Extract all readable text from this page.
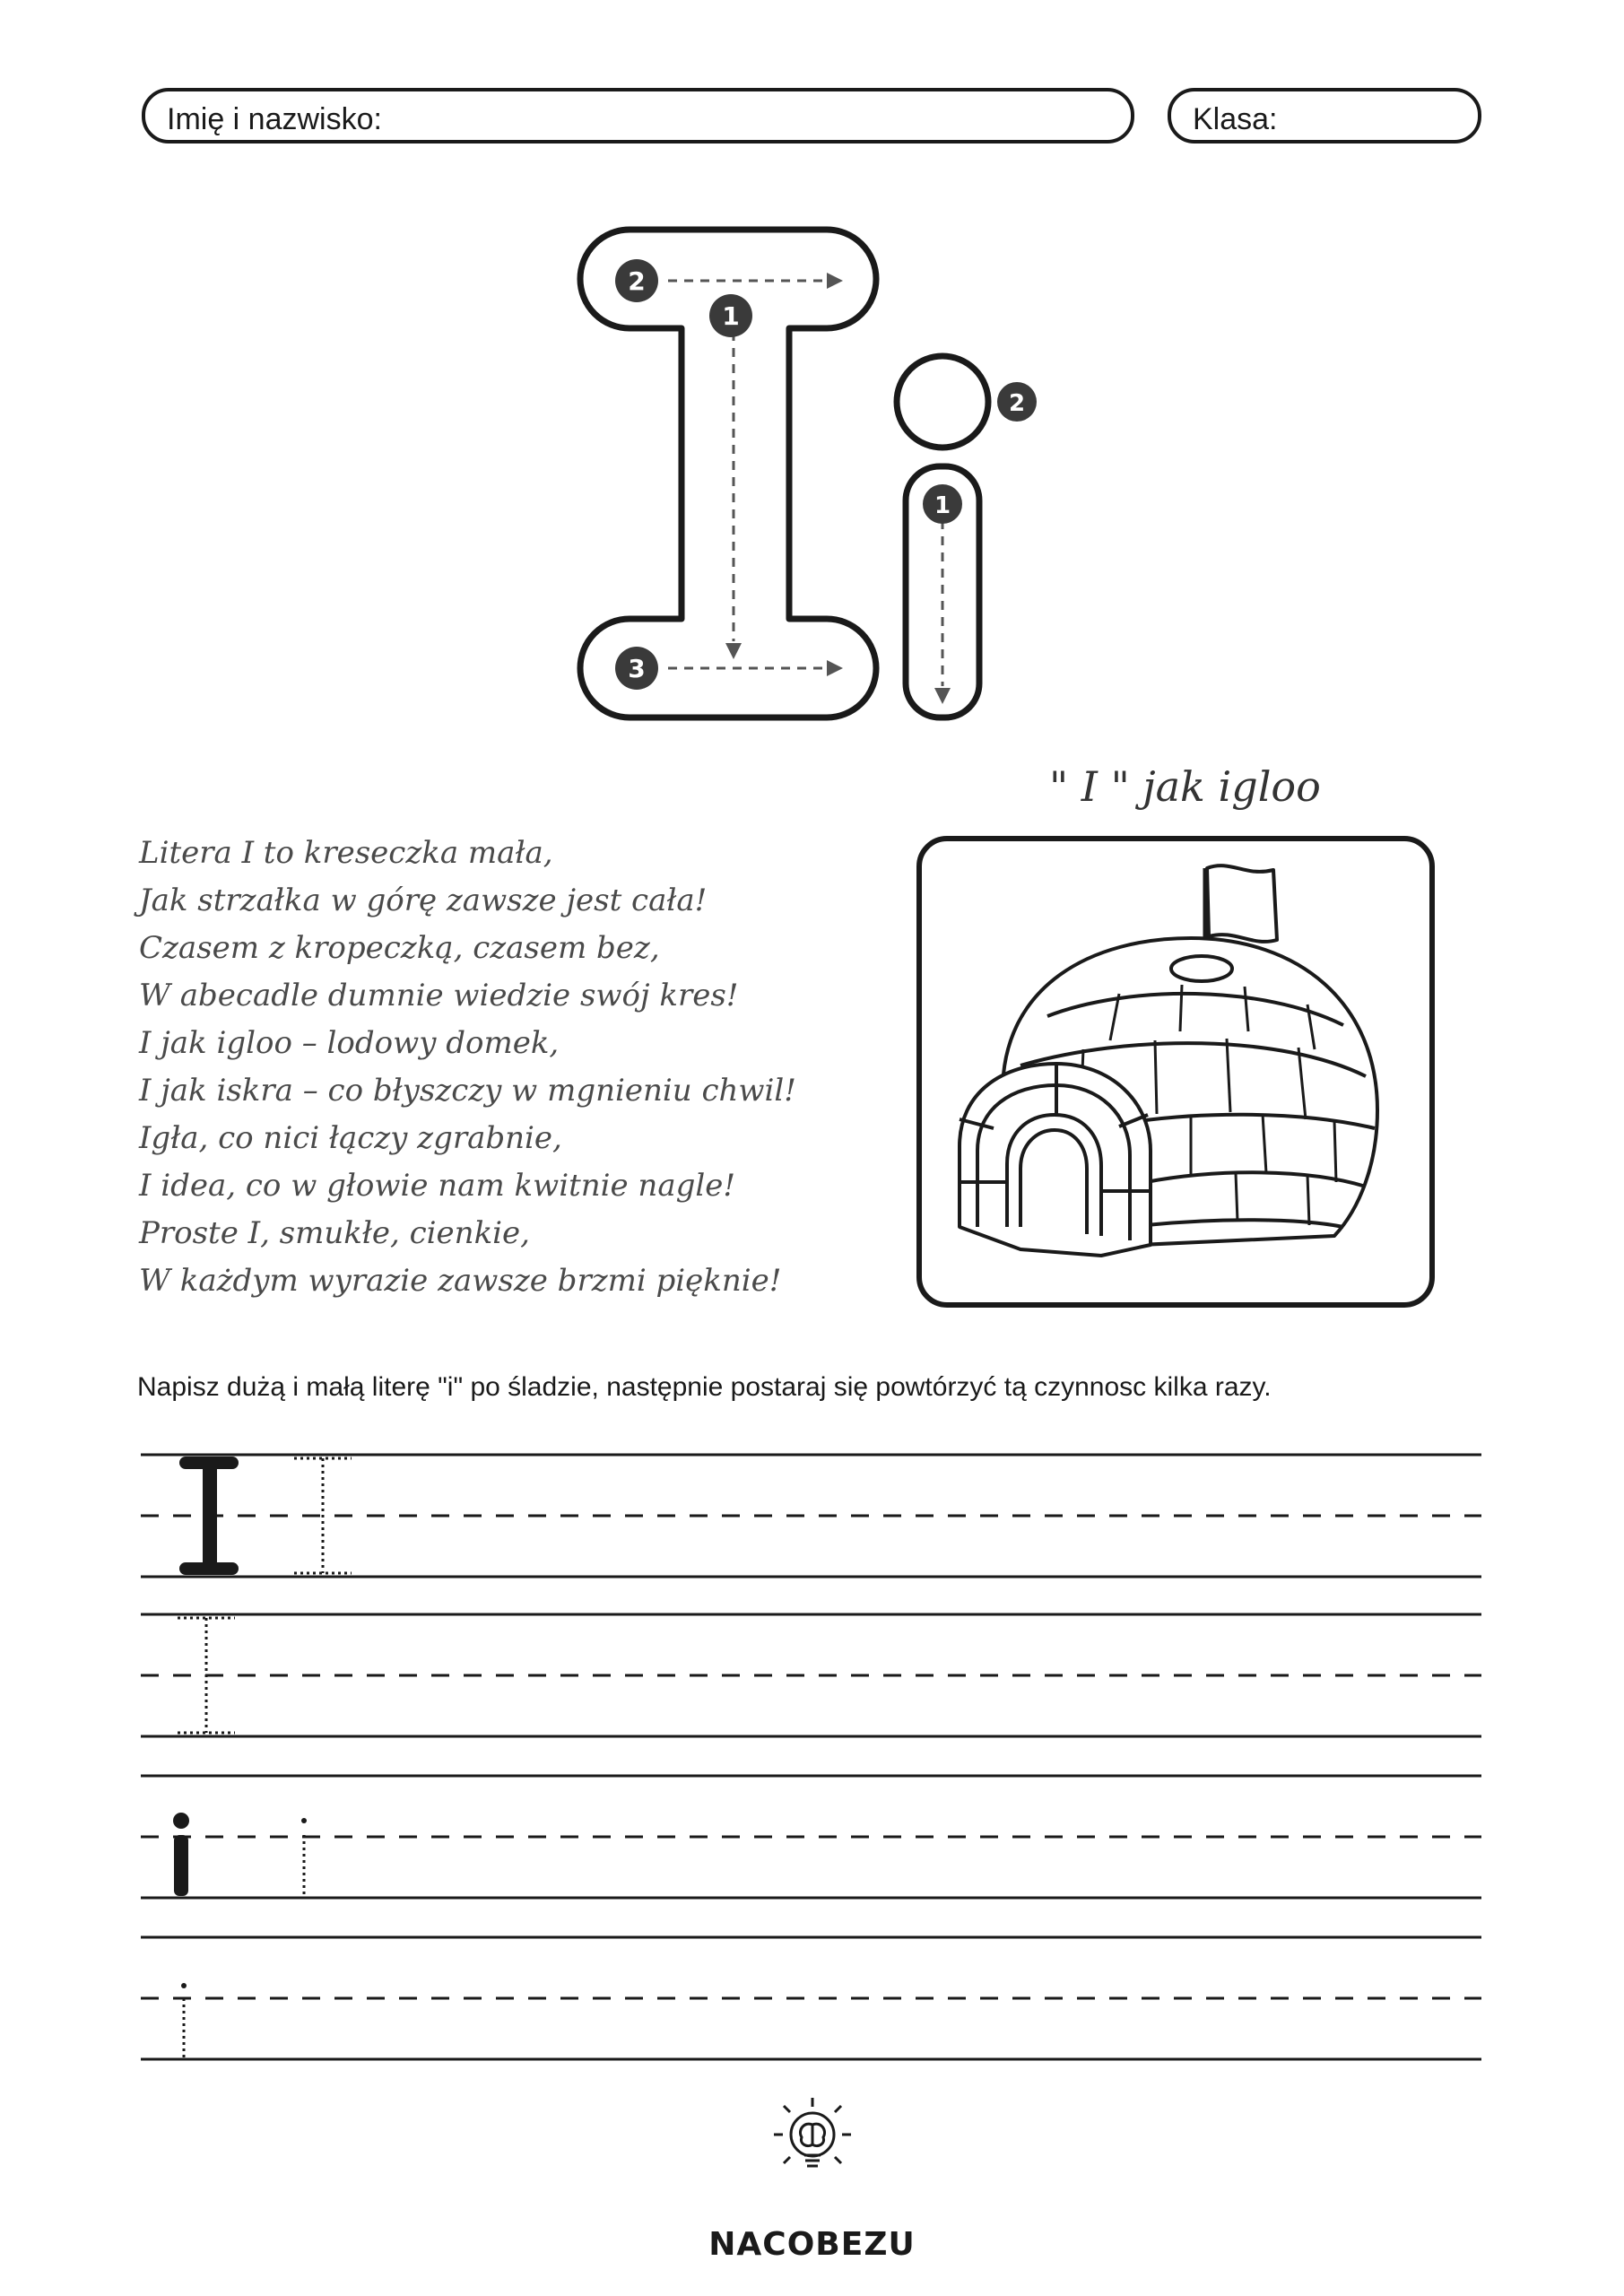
Imię i nazwisko:	Klasa:
2
1
3
1
2
" I " jak igloo
Litera I to kreseczka mała,
Jak strzałka w górę zawsze jest cała!
Czasem z kropeczką, czasem bez,
W abecadle dumnie wiedzie swój kres!
I jak igloo – lodowy domek,
I jak iskra – co błyszczy w mgnieniu chwil!
Igła, co nici łączy zgrabnie,
I idea, co w głowie nam kwitnie nagle!
Proste I, smukłe, cienkie,
W każdym wyrazie zawsze brzmi pięknie!
Napisz dużą i małą literę "i" po śladzie, następnie postaraj się powtórzyć tą czynnosc kilka razy.
NACOBEZU
